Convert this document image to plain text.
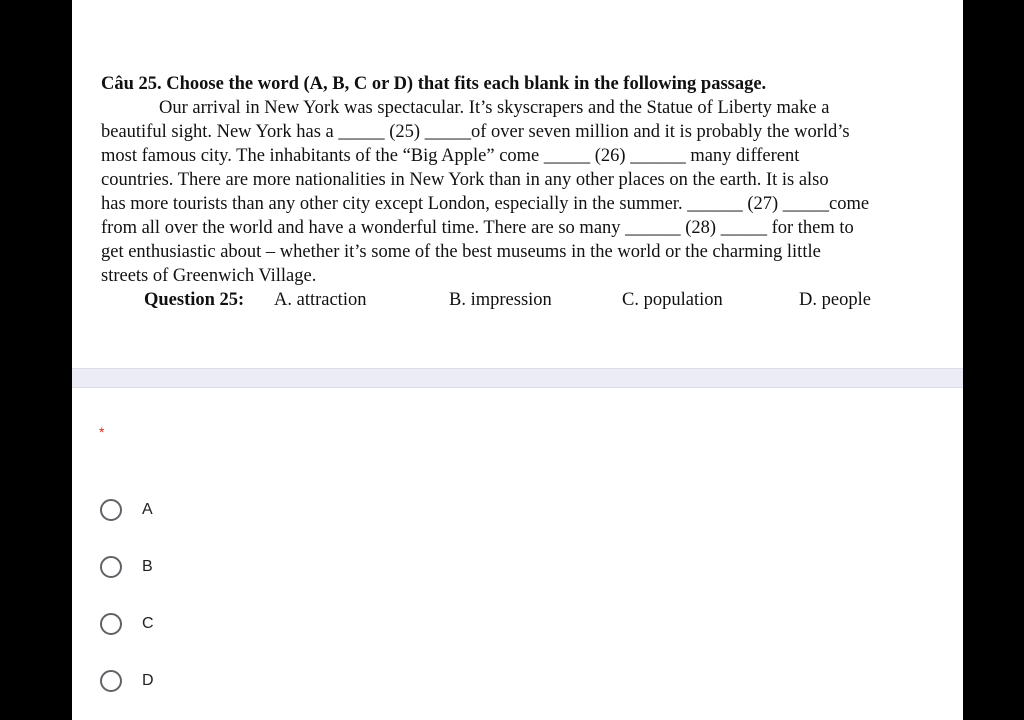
Câu 25. Choose the word (A, B, C or D) that fits each blank in the following passage.
Our arrival in New York was spectacular. It’s skyscrapers and the Statue of Liberty make a
beautiful sight. New York has a _____ (25) _____of over seven million and it is probably the world’s
most famous city. The inhabitants of the “Big Apple” come _____ (26) ______ many different
countries. There are more nationalities in New York than in any other places on the earth. It is also
has more tourists than any other city except London, especially in the summer. ______ (27) _____come
from all over the world and have a wonderful time. There are so many ______ (28) _____ for them to
get enthusiastic about – whether it’s some of the best museums in the world or the charming little
streets of Greenwich Village.
Question 25: A. attraction	B. impression	C. population	D. people
*
A
B
C
D
